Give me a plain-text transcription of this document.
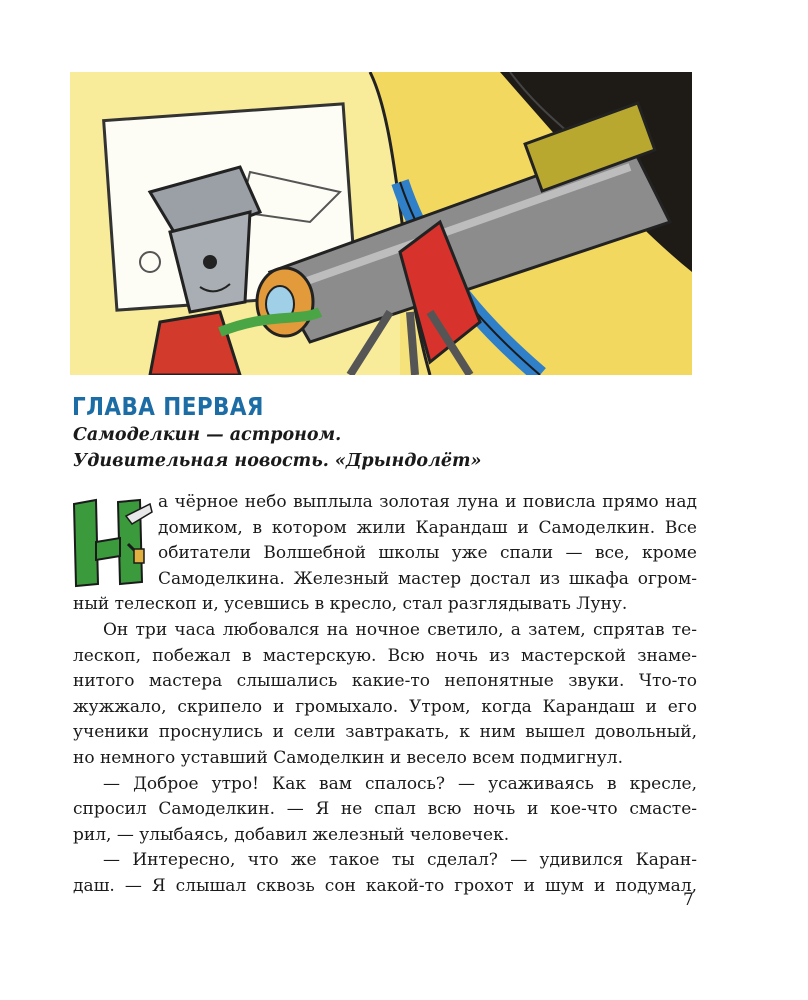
ГЛАВА ПЕРВАЯ
Самоделкин — астроном.
Удивительная новость. «Дрындолёт»
а чёрное небо выплыла золотая луна и повисла прямо над
домиком, в котором жили Карандаш и Самоделкин. Все
обитатели Волшебной школы уже спали — все, кроме
Самоделкина. Железный мастер достал из шкафа огром-
ный телескоп и, усевшись в кресло, стал разглядывать Луну.
Он три часа любовался на ночное светило, а затем, спрятав те-
лескоп, побежал в мастерскую. Всю ночь из мастерской знаме-
нитого мастера слышались какие-то непонятные звуки. Что-то
жужжало, скрипело и громыхало. Утром, когда Карандаш и его
ученики проснулись и сели завтракать, к ним вышел довольный,
но немного уставший Самоделкин и весело всем подмигнул.
— Доброе утро! Как вам спалось? — усаживаясь в кресле,
спросил Самоделкин. — Я не спал всю ночь и кое-что смасте-
рил, — улыбаясь, добавил железный человечек.
— Интересно, что же такое ты сделал? — удивился Каран-
даш. — Я слышал сквозь сон какой-то грохот и шум и подумал,
7
